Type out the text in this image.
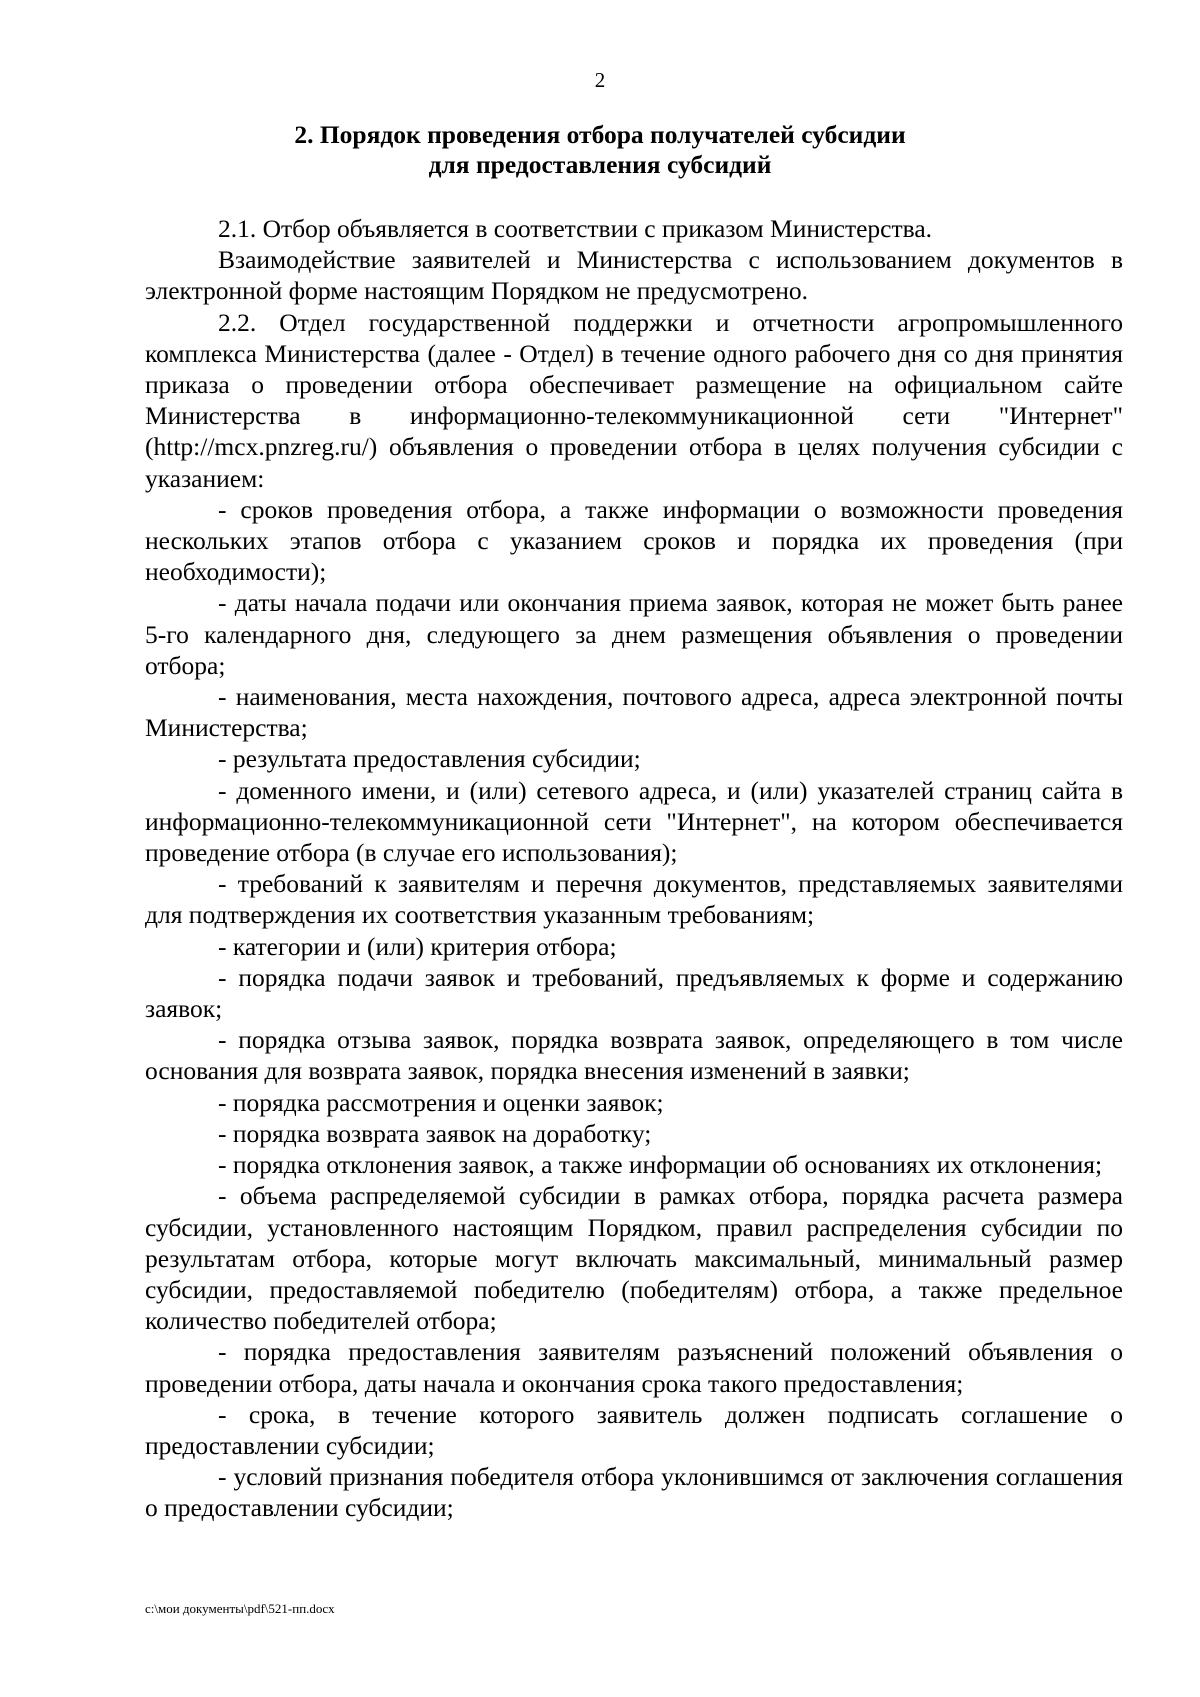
2
2. Порядок проведения отбора получателей субсидии
для предоставления субсидий

2.1. Отбор объявляется в соответствии с приказом Министерства.

Взаимодействие заявителей и Министерства с использованием документов в электронной форме настоящим Порядком не предусмотрено.

2.2. Отдел государственной поддержки и отчетности агропромышленного комплекса Министерства (далее - Отдел) в течение одного рабочего дня со дня принятия приказа о проведении отбора обеспечивает размещение на официальном сайте Министерства в информационно-телекоммуникационной сети "Интернет" (http://mcx.pnzreg.ru/) объявления о проведении отбора в целях получения субсидии с указанием:

- сроков проведения отбора, а также информации о возможности проведения нескольких этапов отбора с указанием сроков и порядка их проведения (при необходимости);

- даты начала подачи или окончания приема заявок, которая не может быть ранее 5-го календарного дня, следующего за днем размещения объявления о проведении отбора;

- наименования, места нахождения, почтового адреса, адреса электронной почты Министерства;

- результата предоставления субсидии;

- доменного имени, и (или) сетевого адреса, и (или) указателей страниц сайта в информационно-телекоммуникационной сети "Интернет", на котором обеспечивается проведение отбора (в случае его использования);

- требований к заявителям и перечня документов, представляемых заявителями для подтверждения их соответствия указанным требованиям;

- категории и (или) критерия отбора;

- порядка подачи заявок и требований, предъявляемых к форме и содержанию заявок;

- порядка отзыва заявок, порядка возврата заявок, определяющего в том числе основания для возврата заявок, порядка внесения изменений в заявки;

- порядка рассмотрения и оценки заявок;

- порядка возврата заявок на доработку;

- порядка отклонения заявок, а также информации об основаниях их отклонения;

- объема распределяемой субсидии в рамках отбора, порядка расчета размера субсидии, установленного настоящим Порядком, правил распределения субсидии по результатам отбора, которые могут включать максимальный, минимальный размер субсидии, предоставляемой победителю (победителям) отбора, а также предельное количество победителей отбора;

- порядка предоставления заявителям разъяснений положений объявления о проведении отбора, даты начала и окончания срока такого предоставления;

- срока, в течение которого заявитель должен подписать соглашение о предоставлении субсидии;

- условий признания победителя отбора уклонившимся от заключения соглашения о предоставлении субсидии;

c:\мои документы\pdf\521-пп.docx
